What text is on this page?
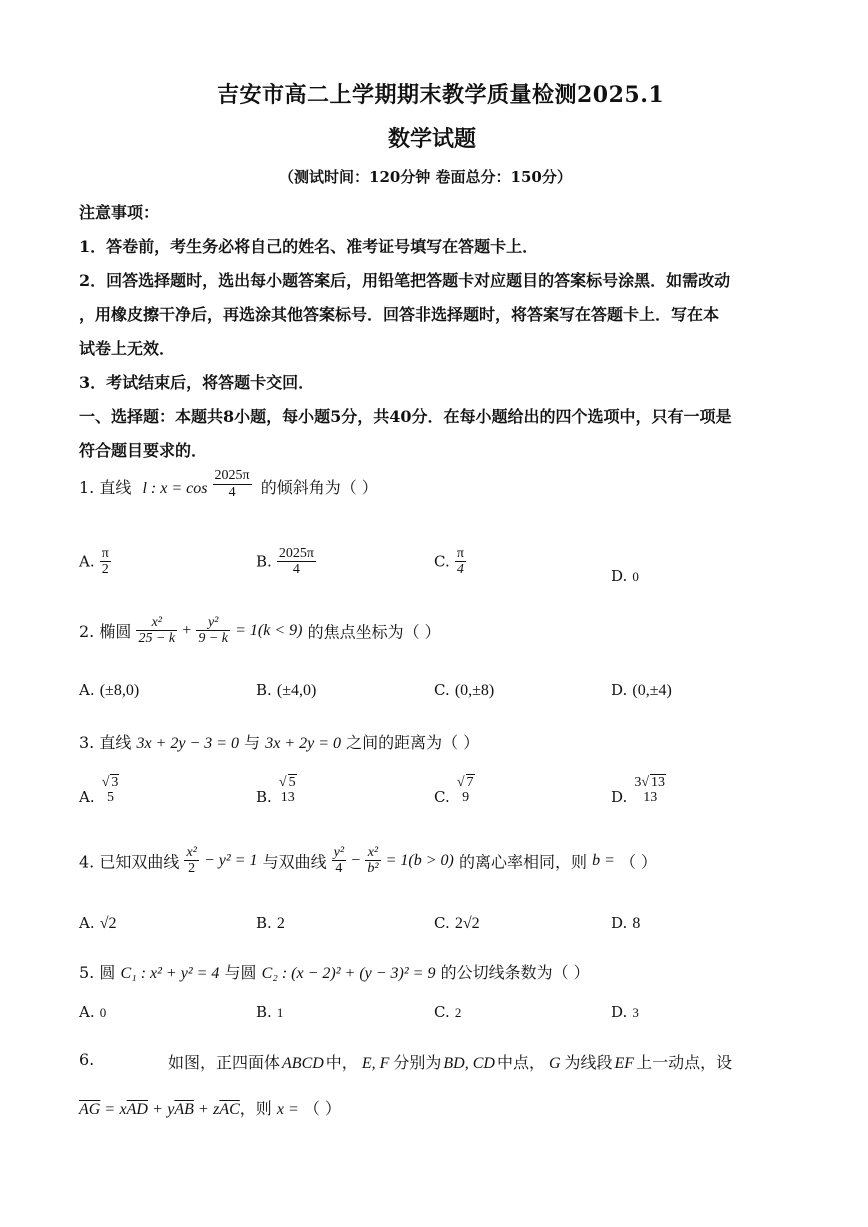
吉安市高二上学期期末教学质量检测2025.1
数学试题
（测试时间：120分钟 卷面总分：150分）
注意事项：
1．答卷前，考生务必将自己的姓名、准考证号填写在答题卡上．
2．回答选择题时，选出每小题答案后，用铅笔把答题卡对应题目的答案标号涂黑．如需改动
，用橡皮擦干净后，再选涂其他答案标号．回答非选择题时，将答案写在答题卡上．写在本
试卷上无效．
3．考试结束后，将答题卡交回．
一、选择题：本题共8小题，每小题5分，共40分．在每小题给出的四个选项中，只有一项是
符合题目要求的．
1. 直线 l : $x = \cos \frac{2025\pi}{4}$ 的倾斜角为（ ）
A. $\frac{\pi}{2}$	B. $\frac{2025\pi}{4}$	C. $\frac{\pi}{4}$	D. 0
2. 椭圆 $\frac{\text{x²}}{25 - k} + \frac{\text{y²}}{9 - k} = 1(k < 9)$ 的焦点坐标为（ ）
A. (±8,0)	B. (±4,0)	C. (0,±8)	D. (0,±4)
3. 直线 3x + 2y − 3 = 0 与 3x + 2y = 0 之间的距离为（ ）
A.
√ 3
5	B.
√ 5
13	C.
√ 7
9	D.
3√ 13
13
4. 已知双曲线 $\frac{\text{x²}}{2} - y^2 = 1$ 与双曲线 $\frac{\text{y²}}{4} - \frac{\text{x²}}{\text{b²}} = 1(b > 0)$ 的离心率相同，则 b = （ ）
A. √2	B. 2	C. 2√2	D. 8
5. 圆 C₁ : x² + y² = 4 与圆 C₂ : (x − 2)² + (y − 3)² = 9 的公切线条数为（ ）
A. 0	B. 1	C. 2	D. 3
6.	如图，正四面体 ABCD 中， E, F 分别为 BD, CD 中点， G 为线段 EF 上一动点，设
$\overline{AG} = x\overline{AD} + y\overline{AB} + z\overline{AC}$，则 x = （ ）
